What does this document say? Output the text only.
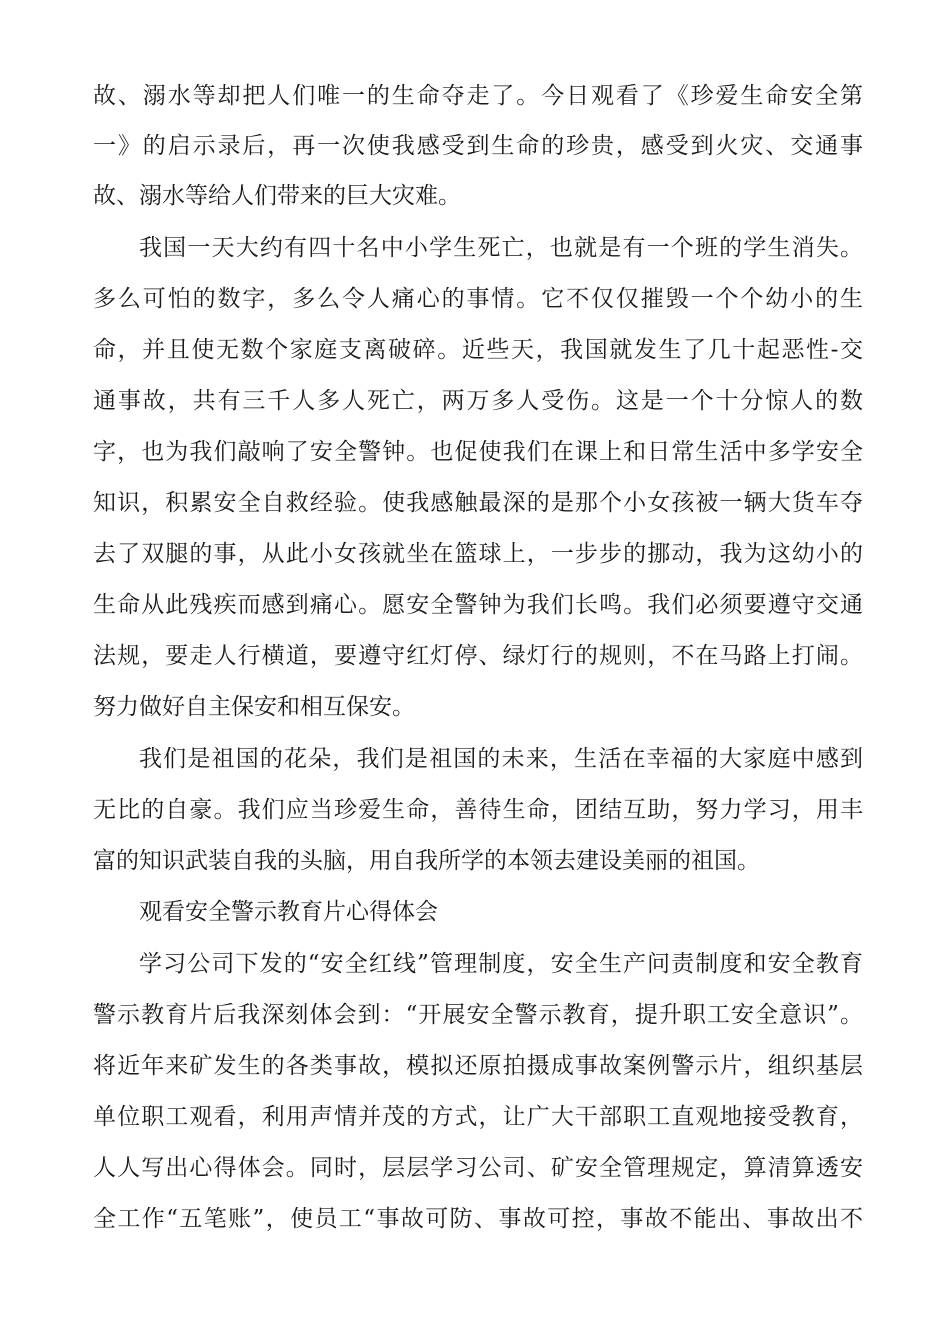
故、溺水等却把人们唯一的生命夺走了。今日观看了《珍爱生命安全第
一》的启示录后，再一次使我感受到生命的珍贵，感受到火灾、交通事
故、溺水等给人们带来的巨大灾难。
我国一天大约有四十名中小学生死亡，也就是有一个班的学生消失。
多么可怕的数字，多么令人痛心的事情。它不仅仅摧毁一个个幼小的生
命，并且使无数个家庭支离破碎。近些天，我国就发生了几十起恶性-交
通事故，共有三千人多人死亡，两万多人受伤。这是一个十分惊人的数
字，也为我们敲响了安全警钟。也促使我们在课上和日常生活中多学安全
知识，积累安全自救经验。使我感触最深的是那个小女孩被一辆大货车夺
去了双腿的事，从此小女孩就坐在篮球上，一步步的挪动，我为这幼小的
生命从此残疾而感到痛心。愿安全警钟为我们长鸣。我们必须要遵守交通
法规，要走人行横道，要遵守红灯停、绿灯行的规则，不在马路上打闹。
努力做好自主保安和相互保安。
我们是祖国的花朵，我们是祖国的未来，生活在幸福的大家庭中感到
无比的自豪。我们应当珍爱生命，善待生命，团结互助，努力学习，用丰
富的知识武装自我的头脑，用自我所学的本领去建设美丽的祖国。
观看安全警示教育片心得体会
学习公司下发的“安全红线”管理制度，安全生产问责制度和安全教育
警示教育片后我深刻体会到：“开展安全警示教育，提升职工安全意识”。
将近年来矿发生的各类事故，模拟还原拍摄成事故案例警示片，组织基层
单位职工观看，利用声情并茂的方式，让广大干部职工直观地接受教育，
人人写出心得体会。同时，层层学习公司、矿安全管理规定，算清算透安
全工作“五笔账”，使员工“事故可防、事故可控，事故不能出、事故出不
